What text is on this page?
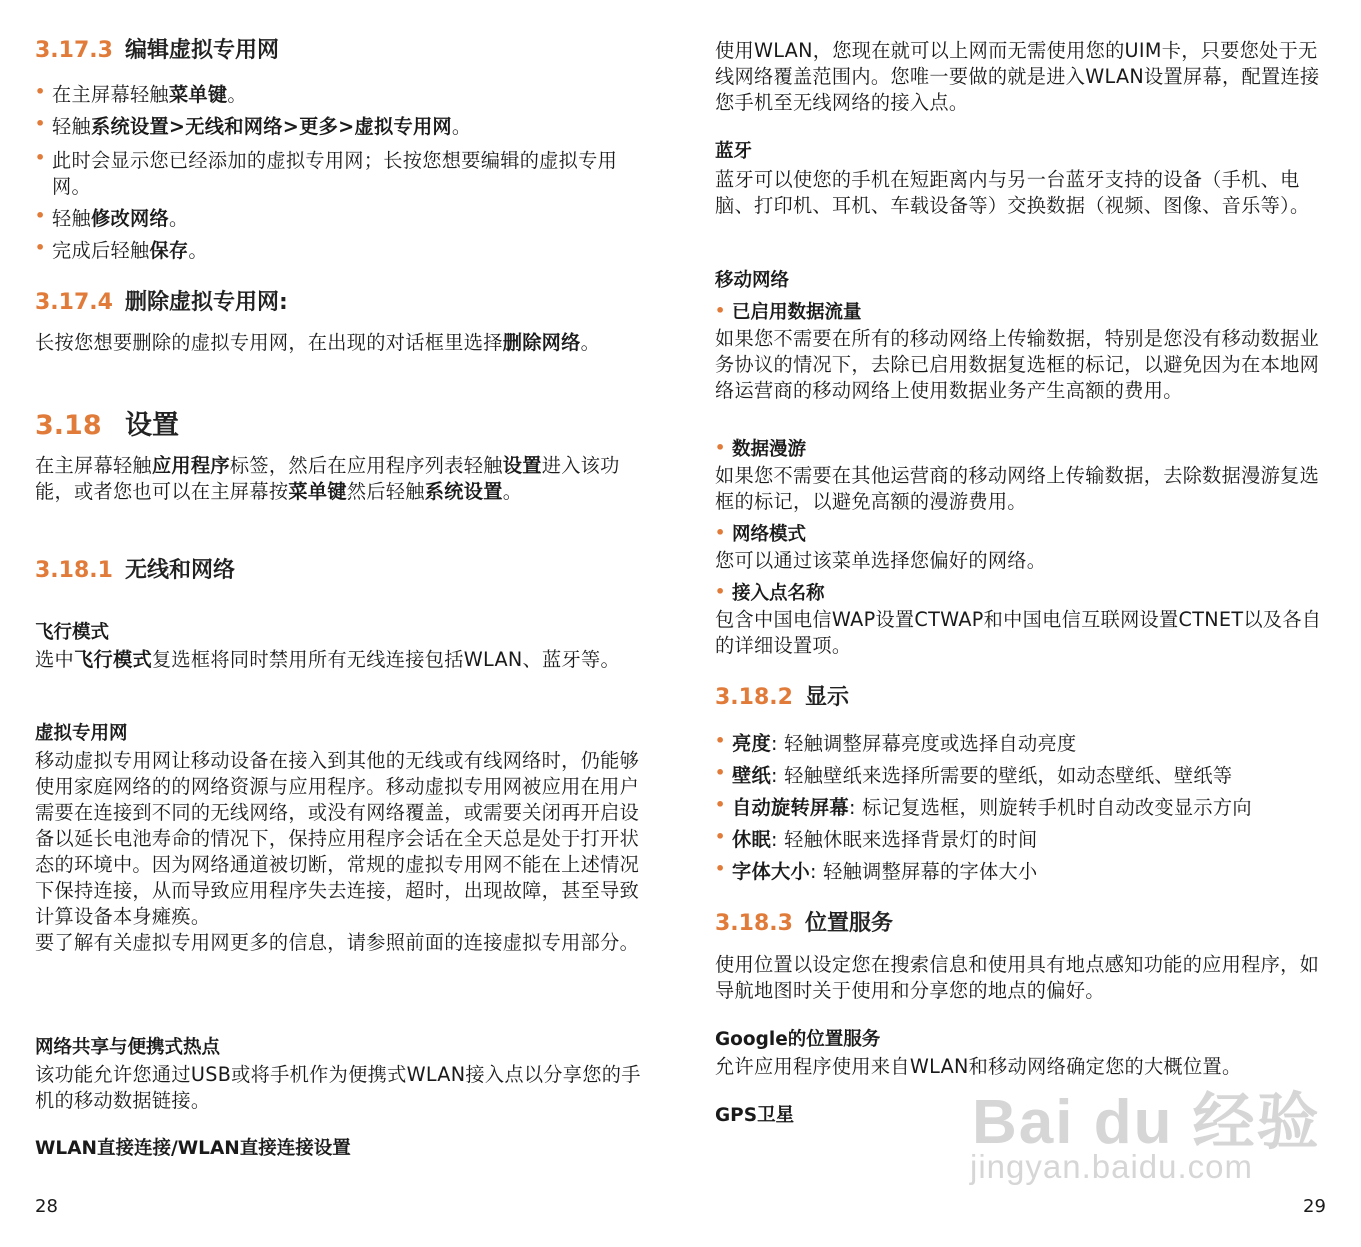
3.17.3 编辑虚拟专用网
• 在主屏幕轻触菜单键。
• 轻触系统设置>无线和网络>更多>虚拟专用网。
• 此时会显示您已经添加的虚拟专用网；长按您想要编辑的虚拟专用网。
• 轻触修改网络。
• 完成后轻触保存。
3.17.4 删除虚拟专用网:
长按您想要删除的虚拟专用网，在出现的对话框里选择删除网络。
3.18 设置
在主屏幕轻触应用程序标签，然后在应用程序列表轻触设置进入该功能，或者您也可以在主屏幕按菜单键然后轻触系统设置。
3.18.1 无线和网络
飞行模式
选中飞行模式复选框将同时禁用所有无线连接包括WLAN、蓝牙等。
虚拟专用网
移动虚拟专用网让移动设备在接入到其他的无线或有线网络时，仍能够使用家庭网络的的网络资源与应用程序。移动虚拟专用网被应用在用户需要在连接到不同的无线网络，或没有网络覆盖，或需要关闭再开启设备以延长电池寿命的情况下，保持应用程序会话在全天总是处于打开状态的环境中。因为网络通道被切断，常规的虚拟专用网不能在上述情况下保持连接，从而导致应用程序失去连接，超时，出现故障，甚至导致计算设备本身瘫痪。
要了解有关虚拟专用网更多的信息，请参照前面的连接虚拟专用部分。
网络共享与便携式热点
该功能允许您通过USB或将手机作为便携式WLAN接入点以分享您的手机的移动数据链接。
WLAN直接连接/WLAN直接连接设置
28
使用WLAN，您现在就可以上网而无需使用您的UIM卡，只要您处于无线网络覆盖范围内。您唯一要做的就是进入WLAN设置屏幕，配置连接您手机至无线网络的接入点。
蓝牙
蓝牙可以使您的手机在短距离内与另一台蓝牙支持的设备（手机、电脑、打印机、耳机、车载设备等）交换数据（视频、图像、音乐等）。
移动网络
• 已启用数据流量
如果您不需要在所有的移动网络上传输数据，特别是您没有移动数据业务协议的情况下，去除已启用数据复选框的标记，以避免因为在本地网络运营商的移动网络上使用数据业务产生高额的费用。
• 数据漫游
如果您不需要在其他运营商的移动网络上传输数据，去除数据漫游复选框的标记，以避免高额的漫游费用。
• 网络模式
您可以通过该菜单选择您偏好的网络。
• 接入点名称
包含中国电信WAP设置CTWAP和中国电信互联网设置CTNET以及各自的详细设置项。
3.18.2 显示
• 亮度: 轻触调整屏幕亮度或选择自动亮度
• 壁纸: 轻触壁纸来选择所需要的壁纸，如动态壁纸、壁纸等
• 自动旋转屏幕: 标记复选框，则旋转手机时自动改变显示方向
• 休眠: 轻触休眠来选择背景灯的时间
• 字体大小: 轻触调整屏幕的字体大小
3.18.3 位置服务
使用位置以设定您在搜索信息和使用具有地点感知功能的应用程序，如导航地图时关于使用和分享您的地点的偏好。
Google的位置服务
允许应用程序使用来自WLAN和移动网络确定您的大概位置。
GPS卫星
29
Bai du 经验
jingyan.baidu.com
